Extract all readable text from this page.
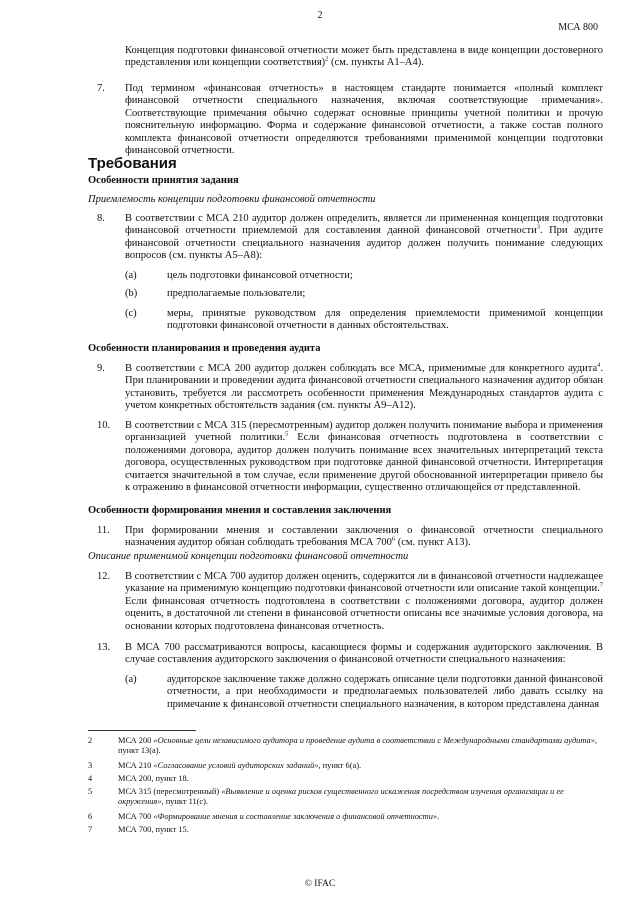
2
МСА 800
Концепция подготовки финансовой отчетности может быть представлена в виде концепции достоверного представления или концепции соответствия)$^2$ (см. пункты А1–А4).
7. Под термином «финансовая отчетность» в настоящем стандарте понимается «полный комплект финансовой отчетности специального назначения, включая соответствующие примечания». Соответствующие примечания обычно содержат основные принципы учетной политики и прочую пояснительную информацию. Форма и содержание финансовой отчетности, а также состав полного комплекта финансовой отчетности определяются требованиями применимой концепции подготовки финансовой отчетности.
Требования
Особенности принятия задания
Приемлемость концепции подготовки финансовой отчетности
8. В соответствии с МСА 210 аудитор должен определить, является ли примененная концепция подготовки финансовой отчетности приемлемой для составления данной финансовой отчетности$^3$. При аудите финансовой отчетности специального назначения аудитор должен получить понимание следующих вопросов (см. пункты А5–А8):
(a)	цель подготовки финансовой отчетности;
(b)	предполагаемые пользователи;
(c)	меры, принятые руководством для определения приемлемости применимой концепции подготовки финансовой отчетности в данных обстоятельствах.
Особенности планирования и проведения аудита
9. В соответствии с МСА 200 аудитор должен соблюдать все МСА, применимые для конкретного аудита$^4$. При планировании и проведении аудита финансовой отчетности специального назначения аудитор обязан установить, требуется ли рассмотреть особенности применения Международных стандартов аудита с учетом конкретных обстоятельств задания (см. пункты А9–А12).
10. В соответствии с МСА 315 (пересмотренным) аудитор должен получить понимание выбора и применения организацией учетной политики.$^5$ Если финансовая отчетность подготовлена в соответствии с положениями договора, аудитор должен получить понимание всех значительных интерпретаций текста договора, осуществленных руководством при подготовке данной финансовой отчетности. Интерпретация считается значительной в том случае, если применение другой обоснованной интерпретации привело бы к отражению в финансовой отчетности информации, существенно отличающейся от представленной.
Особенности формирования мнения и составления заключения
11. При формировании мнения и составлении заключения о финансовой отчетности специального назначения аудитор обязан соблюдать требования МСА $700^6$ (см. пункт А13).
Описание применимой концепции подготовки финансовой отчетности
12. В соответствии с МСА 700 аудитор должен оценить, содержится ли в финансовой отчетности надлежащее указание на применимую концепцию подготовки финансовой отчетности или описание такой концепции.$^7$ Если финансовая отчетность подготовлена в соответствии с положениями договора, аудитор должен оценить, в достаточной ли степени в финансовой отчетности описаны все значимые условия договора, на основании которых подготовлена финансовая отчетность.
13. В МСА 700 рассматриваются вопросы, касающиеся формы и содержания аудиторского заключения. В случае составления аудиторского заключения о финансовой отчетности специального назначения:
(a)	аудиторское заключение также должно содержать описание цели подготовки данной финансовой отчетности, а при необходимости и предполагаемых пользователей либо давать ссылку на примечание к финансовой отчетности специального назначения, в котором представлена данная
2	МСА 200 «Основные цели независимого аудитора и проведение аудита в соответствии с Международными стандартами аудита», пункт 13(a).
3	МСА 210 «Согласование условий аудиторских заданий», пункт 6(a).
4	МСА 200, пункт 18.
5	МСА 315 (пересмотренный) «Выявление и оценка рисков существенного искажения посредством изучения организации и ее окружения», пункт 11(c).
6	МСА 700 «Формирование мнения и составление заключения о финансовой отчетности».
7	МСА 700, пункт 15.
© IFAC
